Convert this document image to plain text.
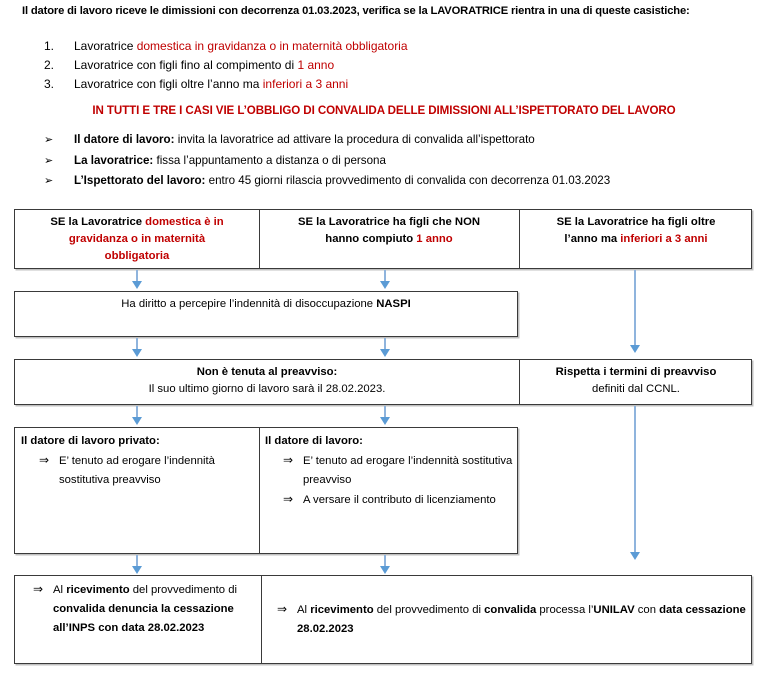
Il datore di lavoro riceve le dimissioni con decorrenza 01.03.2023, verifica se la LAVORATRICE rientra in una di queste casistiche:
1.	Lavoratrice domestica in gravidanza o in maternità obbligatoria
2.	Lavoratrice con figli fino al compimento di 1 anno
3.	Lavoratrice con figli oltre l’anno ma inferiori a 3 anni
IN TUTTI E TRE I CASI VIE L’OBBLIGO DI CONVALIDA DELLE DIMISSIONI ALL’ISPETTORATO DEL LAVORO
➢	Il datore di lavoro: invita la lavoratrice ad attivare la procedura di convalida all’ispettorato
➢	La lavoratrice: fissa l’appuntamento a distanza o di persona
➢	L’Ispettorato del lavoro: entro 45 giorni rilascia provvedimento di convalida con decorrenza 01.03.2023
SE la Lavoratrice domestica è in
gravidanza o in maternità
obbligatoria
SE la Lavoratrice ha figli che NON
hanno compiuto 1 anno
SE la Lavoratrice ha figli oltre
l’anno ma inferiori a 3 anni
Ha diritto a percepire l’indennità di disoccupazione NASPI
Non è tenuta al preavviso:
Il suo ultimo giorno di lavoro sarà il 28.02.2023.
Rispetta i termini di preavviso
definiti dal CCNL.
Il datore di lavoro privato:
⇒ E’ tenuto ad erogare l’indennità sostitutiva preavviso
Il datore di lavoro:
⇒ E’ tenuto ad erogare l’indennità sostitutiva preavviso
⇒ A versare il contributo di licenziamento
⇒ Al ricevimento del provvedimento di convalida denuncia la cessazione all’INPS con data 28.02.2023
⇒ Al ricevimento del provvedimento di convalida processa l’UNILAV con data cessazione 28.02.2023
